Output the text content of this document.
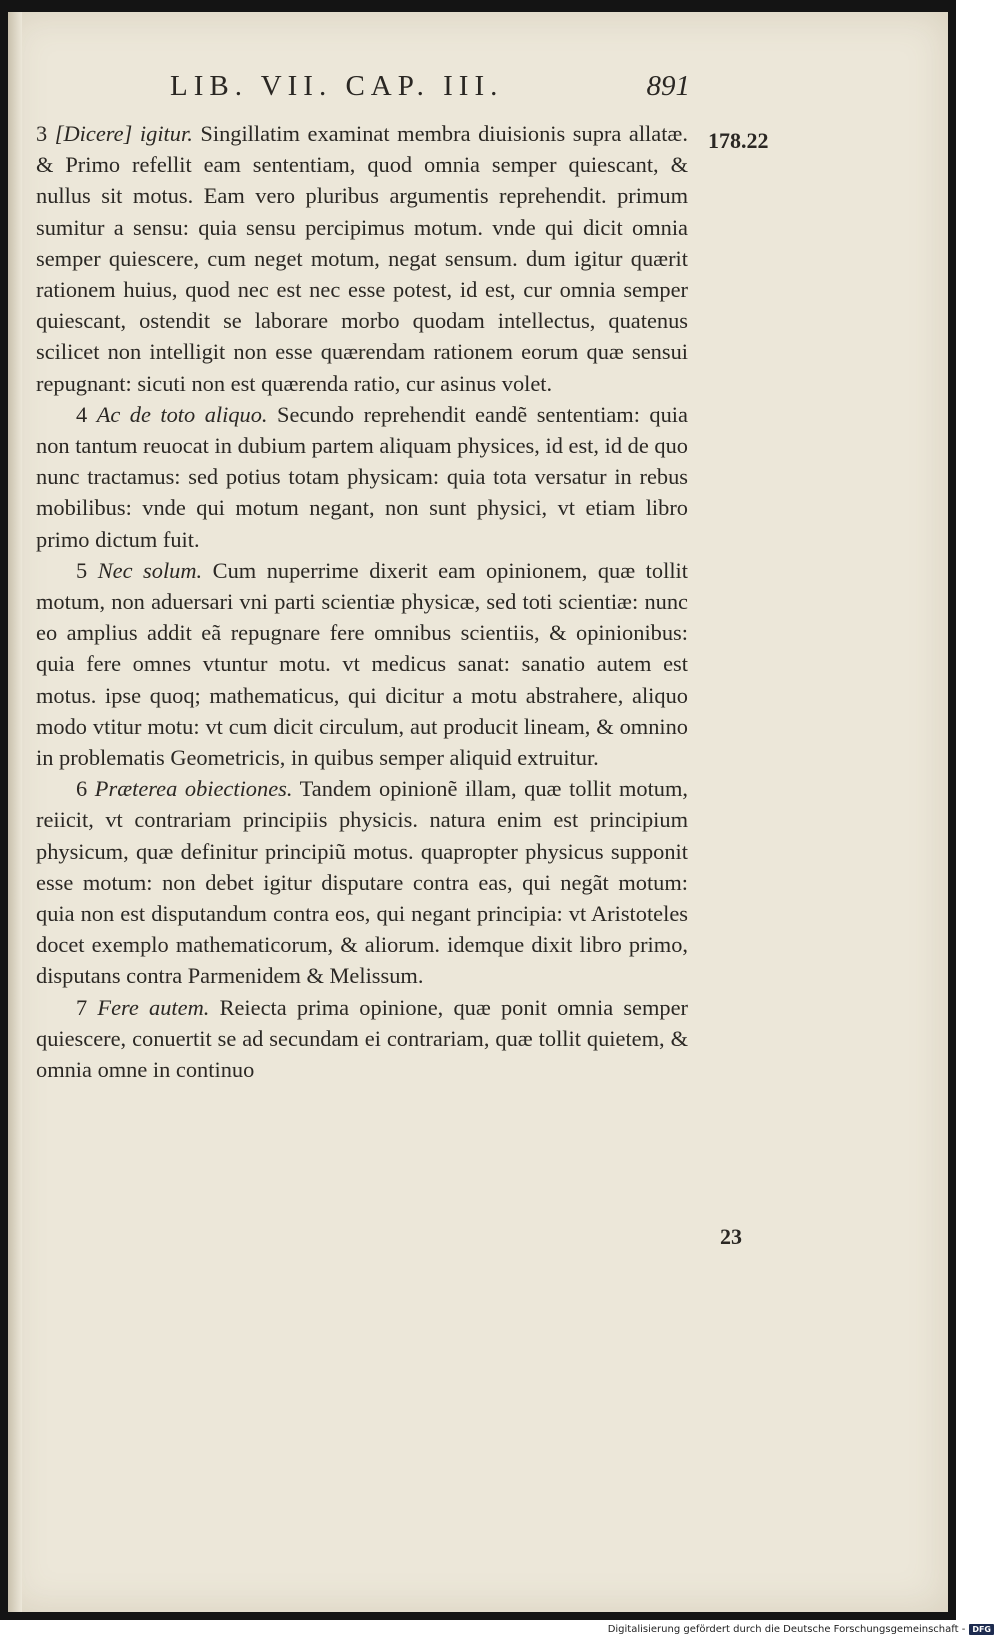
LIB. VII. CAP. III.	891
178.22
23

3 [Dicere] igitur. Singillatim examinat membra diuisionis supra allatæ. & Primo refellit eam sententiam, quod omnia semper quiescant, & nullus sit motus. Eam vero pluribus argumentis reprehendit. primum sumitur a sensu: quia sensu percipimus motum. vnde qui dicit omnia semper quiescere, cum neget motum, negat sensum. dum igitur quærit rationem huius, quod nec est nec esse potest, id est, cur omnia semper quiescant, ostendit se laborare morbo quodam intellectus, quatenus scilicet non intelligit non esse quærendam rationem eorum quæ sensui repugnant: sicuti non est quærenda ratio, cur asinus volet.

4 Ac de toto aliquo. Secundo reprehendit eandẽ sententiam: quia non tantum reuocat in dubium partem aliquam physices, id est, id de quo nunc tractamus: sed potius totam physicam: quia tota versatur in rebus mobilibus: vnde qui motum negant, non sunt physici, vt etiam libro primo dictum fuit.

5 Nec solum. Cum nuperrime dixerit eam opinionem, quæ tollit motum, non aduersari vni parti scientiæ physicæ, sed toti scientiæ: nunc eo amplius addit eã repugnare fere omnibus scientiis, & opinionibus: quia fere omnes vtuntur motu. vt medicus sanat: sanatio autem est motus. ipse quoq; mathematicus, qui dicitur a motu abstrahere, aliquo modo vtitur motu: vt cum dicit circulum, aut producit lineam, & omnino in problematis Geometricis, in quibus semper aliquid extruitur.

6 Præterea obiectiones. Tandem opinionẽ illam, quæ tollit motum, reiicit, vt contrariam principiis physicis. natura enim est principium physicum, quæ definitur principiũ motus. quapropter physicus supponit esse motum: non debet igitur disputare contra eas, qui negãt motum: quia non est disputandum contra eos, qui negant principia: vt Aristoteles docet exemplo mathematicorum, & aliorum. idemque dixit libro primo, disputans contra Parmenidem & Melissum.

7 Fere autem. Reiecta prima opinione, quæ ponit omnia semper quiescere, conuertit se ad secundam ei contrariam, quæ tollit quietem, & omnia omne in continuo

Digitalisierung gefördert durch die Deutsche Forschungsgemeinschaft - DFG
